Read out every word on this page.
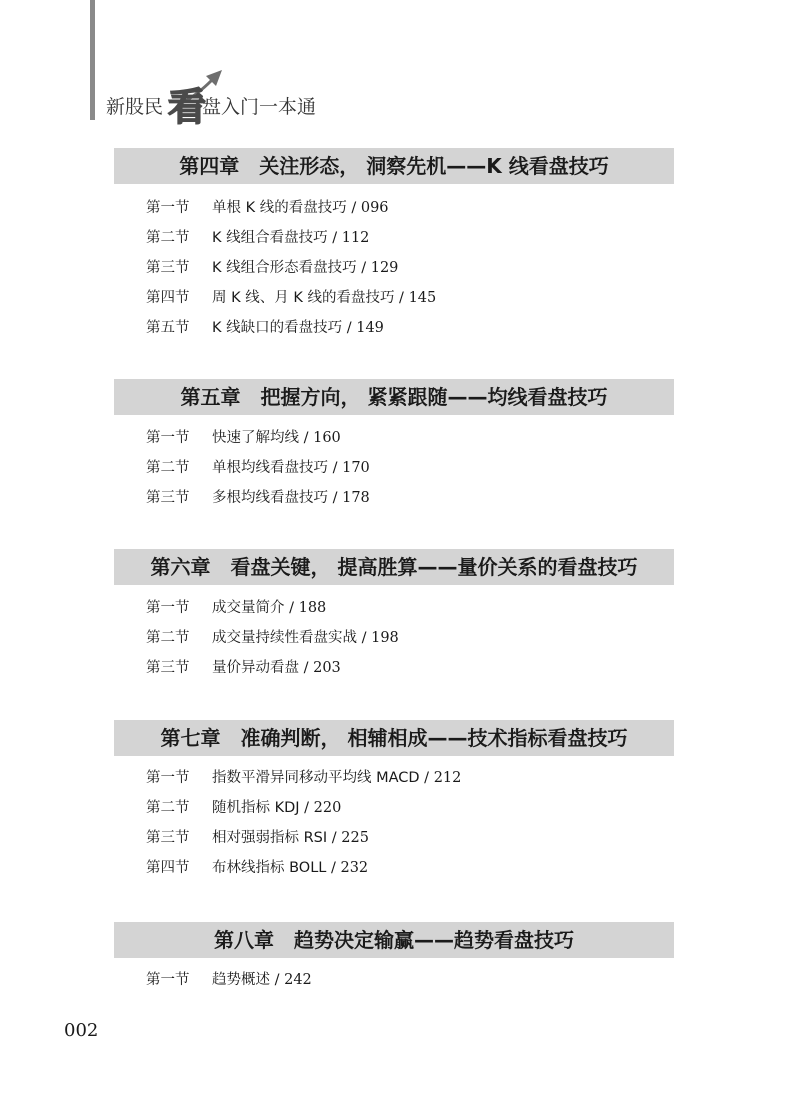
新股民 看
盘入门一本通
第四章　关注形态， 洞察先机——K 线看盘技巧
第一节 单根 K 线的看盘技巧 / 096
第二节 K 线组合看盘技巧 / 112
第三节 K 线组合形态看盘技巧 / 129
第四节 周 K 线、月 K 线的看盘技巧 / 145
第五节 K 线缺口的看盘技巧 / 149
第五章　把握方向， 紧紧跟随——均线看盘技巧
第一节 快速了解均线 / 160
第二节 单根均线看盘技巧 / 170
第三节 多根均线看盘技巧 / 178
第六章　看盘关键， 提高胜算——量价关系的看盘技巧
第一节 成交量简介 / 188
第二节 成交量持续性看盘实战 / 198
第三节 量价异动看盘 / 203
第七章　准确判断， 相辅相成——技术指标看盘技巧
第一节 指数平滑异同移动平均线 MACD / 212
第二节 随机指标 KDJ / 220
第三节 相对强弱指标 RSI / 225
第四节 布林线指标 BOLL / 232
第八章　趋势决定输赢——趋势看盘技巧
第一节 趋势概述 / 242
002
